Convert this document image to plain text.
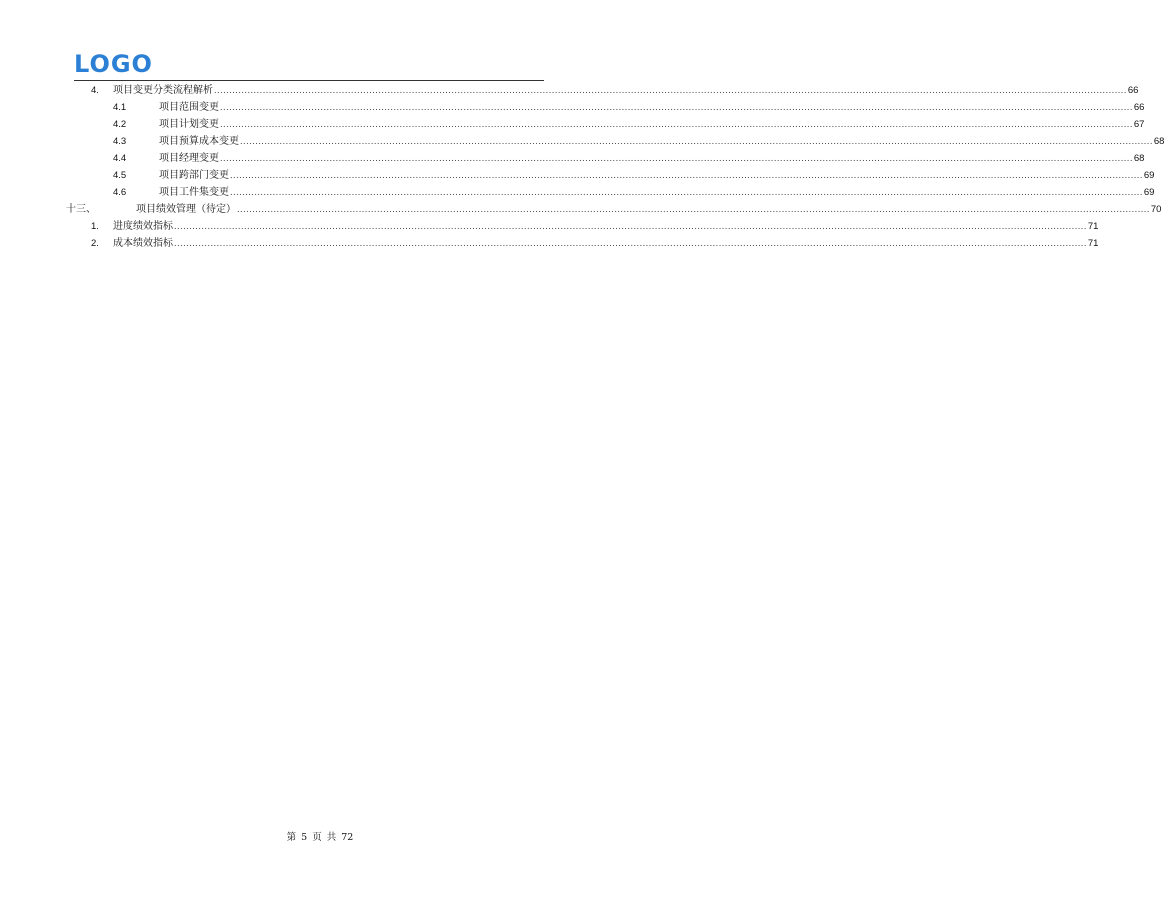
LOGO
4.	项目变更分类流程解析 ............................................................................................................................................................................................................................................................................................................ 66
4.1	项目范围变更 ............................................................................................................................................................................................................................................................................................................ 66
4.2	项目计划变更 ............................................................................................................................................................................................................................................................................................................ 67
4.3	项目预算成本变更 ............................................................................................................................................................................................................................................................................................................ 68
4.4	项目经理变更 ............................................................................................................................................................................................................................................................................................................ 68
4.5	项目跨部门变更 ............................................................................................................................................................................................................................................................................................................ 69
4.6	项目工件集变更 ............................................................................................................................................................................................................................................................................................................ 69
十三、	项目绩效管理（待定） ............................................................................................................................................................................................................................................................................................................ 70
1.	进度绩效指标 ............................................................................................................................................................................................................................................................................................................ 71
2.	成本绩效指标 ............................................................................................................................................................................................................................................................................................................ 71
第 5 页 共 72
